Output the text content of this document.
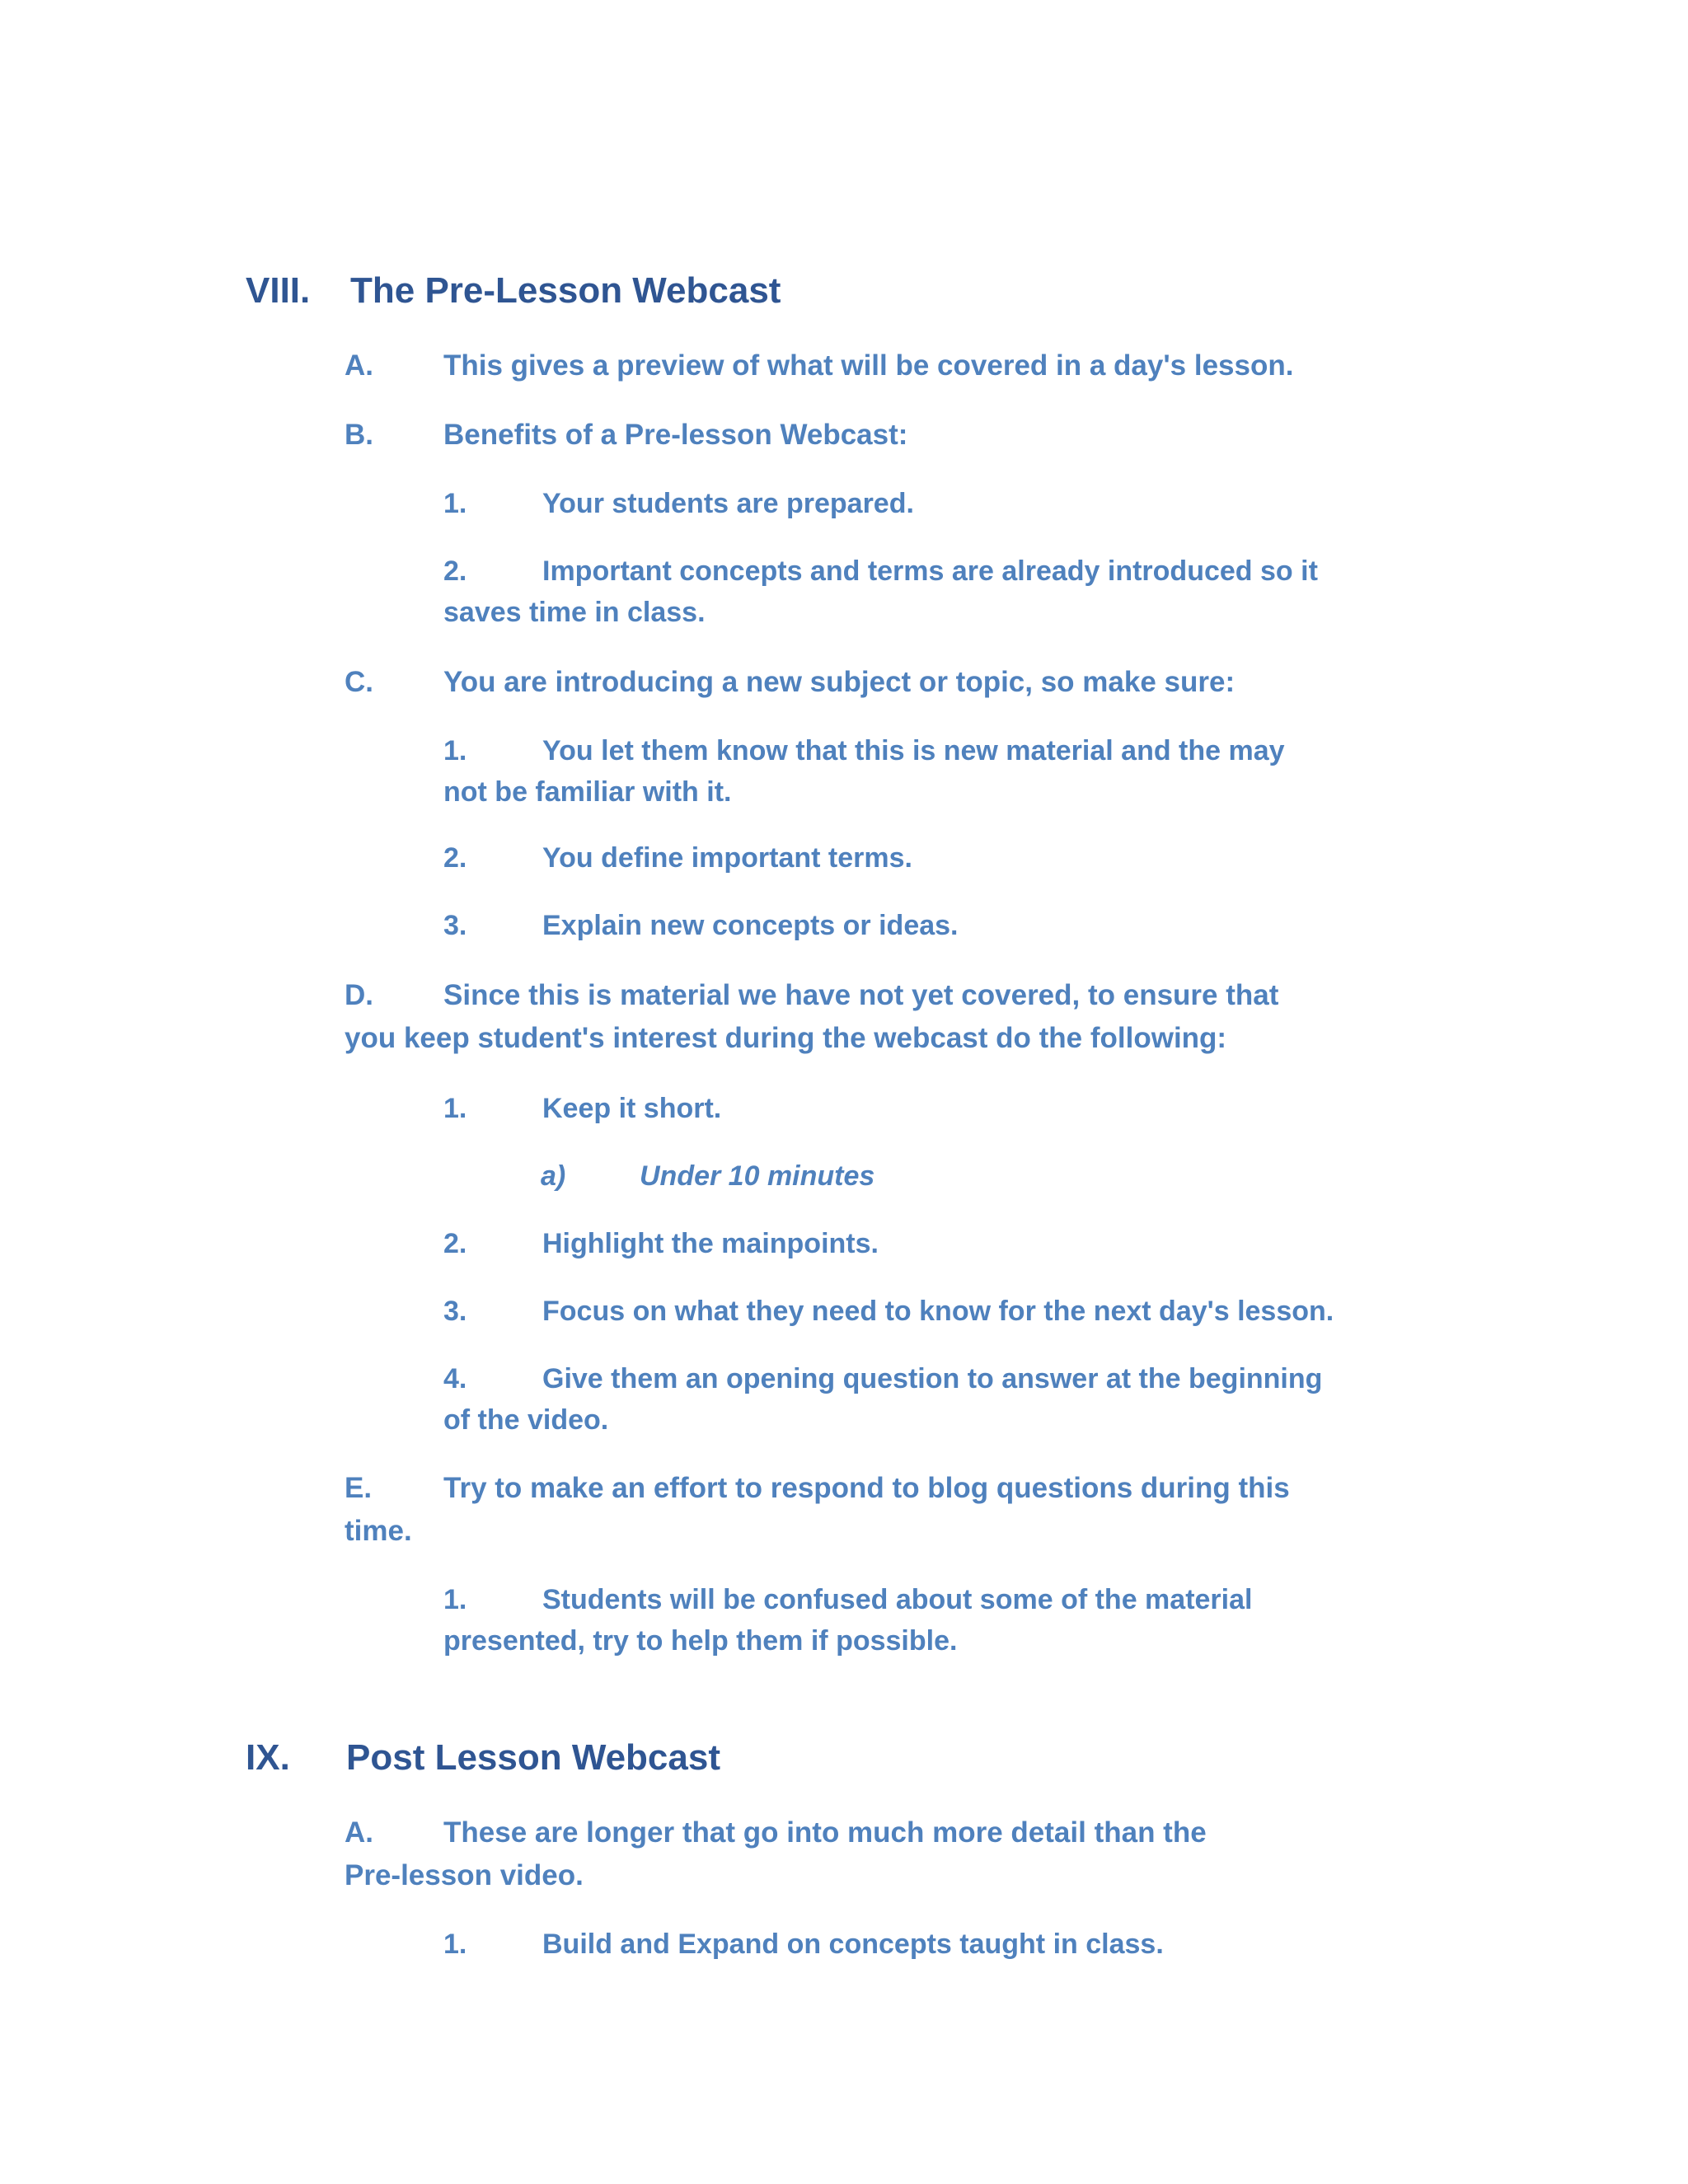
VIII. The Pre-Lesson Webcast
A. This gives a preview of what will be covered in a day's lesson.
B. Benefits of a Pre-lesson Webcast:
1.	Your students are prepared.
2.	Important concepts and terms are already introduced so it
saves time in class.
C. You are introducing a new subject or topic, so make sure:
1.	You let them know that this is new material and the may
not be familiar with it.
2.	You define important terms.
3.	Explain new concepts or ideas.
D. Since this is material we have not yet covered, to ensure that
you keep student's interest during the webcast do the following:
1.	Keep it short.
a)	Under 10 minutes
2.	Highlight the mainpoints.
3.	Focus on what they need to know for the next day's lesson.
4.	Give them an opening question to answer at the beginning
of the video.
E. Try to make an effort to respond to blog questions during this
time.
1.	Students will be confused about some of the material
presented, try to help them if possible.
IX. Post Lesson Webcast
A. These are longer that go into much more detail than the
Pre-lesson video.
1.	Build and Expand on concepts taught in class.
